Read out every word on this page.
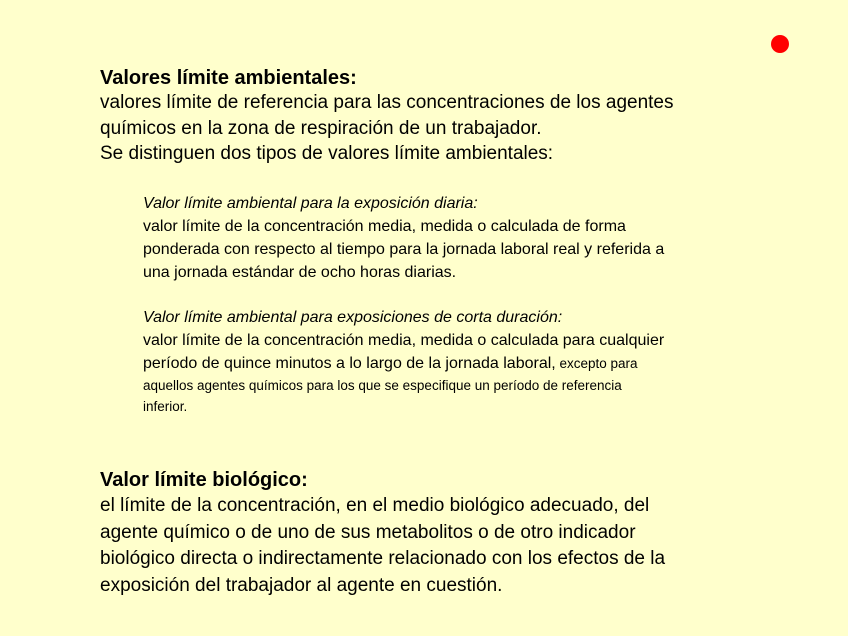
Valores límite ambientales:

valores límite de referencia para las concentraciones de los agentes

químicos en la zona de respiración de un trabajador.

Se distinguen dos tipos de valores límite ambientales:

Valor límite ambiental para la exposición diaria:

valor límite de la concentración media, medida o calculada de forma

ponderada con respecto al tiempo para la jornada laboral real y referida a

una jornada estándar de ocho horas diarias.

Valor límite ambiental para exposiciones de corta duración:

valor límite de la concentración media, medida o calculada para cualquier

período de quince minutos a lo largo de la jornada laboral, excepto para

aquellos agentes químicos para los que se especifique un período de referencia

inferior.

Valor límite biológico:

el límite de la concentración, en el medio biológico adecuado, del

agente químico o de uno de sus metabolitos o de otro indicador

biológico directa o indirectamente relacionado con los efectos de la

exposición del trabajador al agente en cuestión.
